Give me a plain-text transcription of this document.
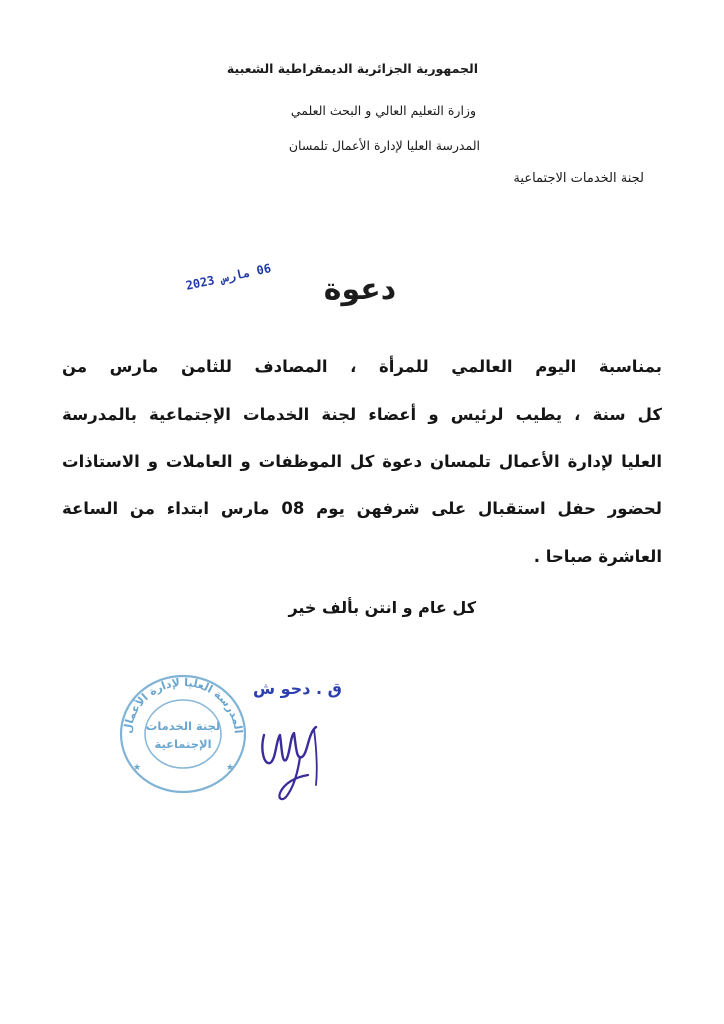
الجمهورية الجزائرية الديمقراطية الشعبية
وزارة التعليم العالي و البحث العلمي
المدرسة العليا لإدارة الأعمال تلمسان
لجنة الخدمات الاجتماعية
دعوة
06 مارس 2023
بمناسبة اليوم العالمي للمرأة ، المصادف للثامن مارس من
كل سنة ، يطيب لرئيس و أعضاء لجنة الخدمات الإجتماعية بالمدرسة
العليا لإدارة الأعمال تلمسان دعوة كل الموظفات و العاملات و الاستاذات
لحضور حفل استقبال على شرفهن يوم 08 مارس ابتداء من الساعة
العاشرة صباحا .
كل عام و انتن بألف خير
المدرسة العليا لإدارة الأعمال
لجنة الخدمات
الإجتماعية
★	★
ق . دحو ش
